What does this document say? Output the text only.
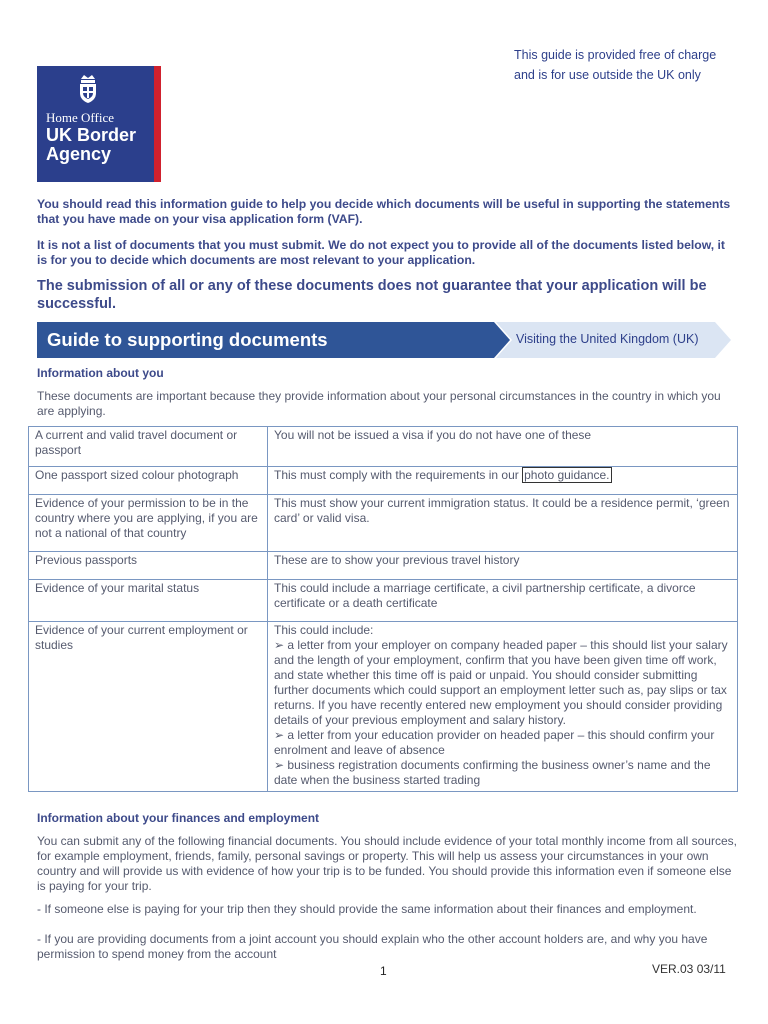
Home Office
UK Border
Agency
This guide is provided free of charge
and is for use outside the UK only
You should read this information guide to help you decide which documents will be useful in supporting the statements that you have made on your visa application form (VAF).
It is not a list of documents that you must submit. We do not expect you to provide all of the documents listed below, it is for you to decide which documents are most relevant to your application.
The submission of all or any of these documents does not guarantee that your application will be successful.
Guide to supporting documents	Visiting the United Kingdom (UK)
Information about you
These documents are important because they provide information about your personal circumstances in the country in which you are applying.
A current and valid travel document or passport	You will not be issued a visa if you do not have one of these
One passport sized colour photograph	This must comply with the requirements in our photo guidance.
Evidence of your permission to be in the country where you are applying, if you are not a national of that country	This must show your current immigration status. It could be a residence permit, ‘green card’ or valid visa.
Previous passports	These are to show your previous travel history
Evidence of your marital status	This could include a marriage certificate, a civil partnership certificate, a divorce certificate or a death certificate
Evidence of your current employment or studies	This could include:
➢ a letter from your employer on company headed paper – this should list your salary and the length of your employment, confirm that you have been given time off work, and state whether this time off is paid or unpaid. You should consider submitting further documents which could support an employment letter such as, pay slips or tax returns. If you have recently entered new employment you should consider providing details of your previous employment and salary history.
➢ a letter from your education provider on headed paper – this should confirm your enrolment and leave of absence
➢ business registration documents confirming the business owner’s name and the date when the business started trading
Information about your finances and employment
You can submit any of the following financial documents. You should include evidence of your total monthly income from all sources, for example employment, friends, family, personal savings or property. This will help us assess your circumstances in your own country and will provide us with evidence of how your trip is to be funded. You should provide this information even if someone else is paying for your trip.
- If someone else is paying for your trip then they should provide the same information about their finances and employment.
- If you are providing documents from a joint account you should explain who the other account holders are, and why you have permission to spend money from the account
1	VER.03 03/11
